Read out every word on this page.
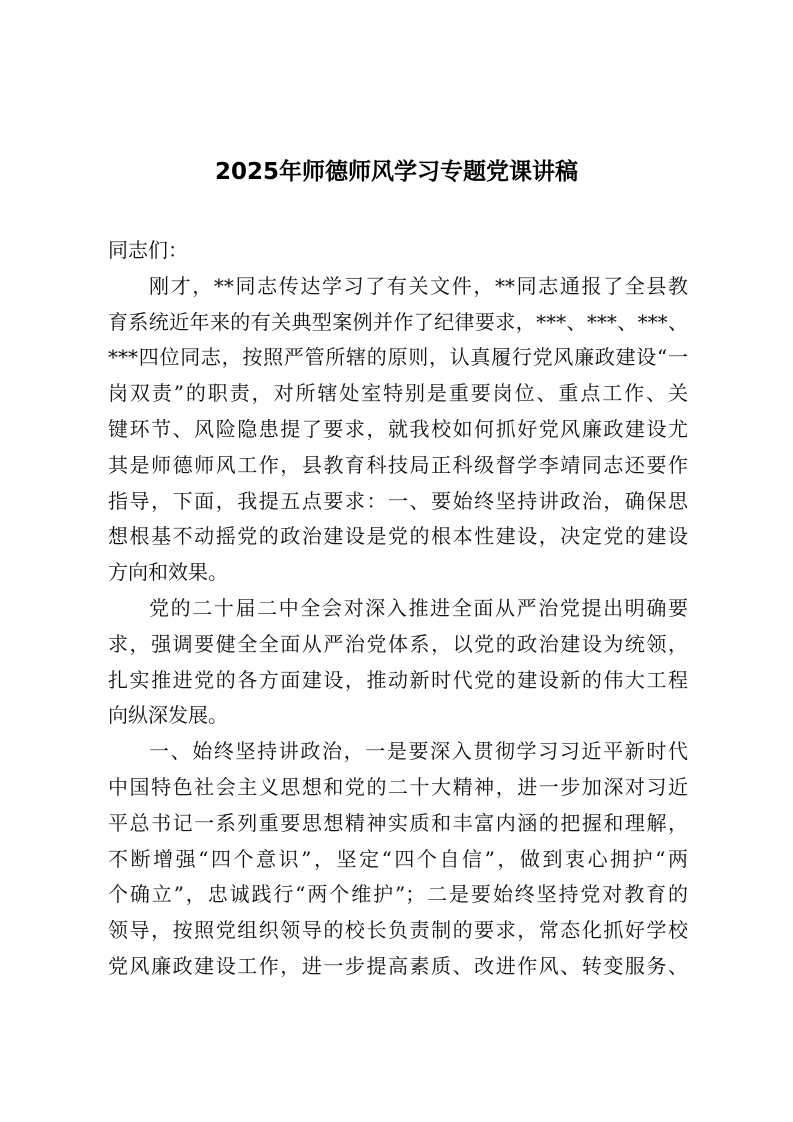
2025年师德师风学习专题党课讲稿
同志们：
刚才，**同志传达学习了有关文件，**同志通报了全县教
育系统近年来的有关典型案例并作了纪律要求，***、***、***、
***四位同志，按照严管所辖的原则，认真履行党风廉政建设“一
岗双责”的职责，对所辖处室特别是重要岗位、重点工作、关
键环节、风险隐患提了要求，就我校如何抓好党风廉政建设尤
其是师德师风工作，县教育科技局正科级督学李靖同志还要作
指导，下面，我提五点要求：一、要始终坚持讲政治，确保思
想根基不动摇党的政治建设是党的根本性建设，决定党的建设
方向和效果。
党的二十届二中全会对深入推进全面从严治党提出明确要
求，强调要健全全面从严治党体系，以党的政治建设为统领，
扎实推进党的各方面建设，推动新时代党的建设新的伟大工程
向纵深发展。
一、始终坚持讲政治，一是要深入贯彻学习习近平新时代
中国特色社会主义思想和党的二十大精神，进一步加深对习近
平总书记一系列重要思想精神实质和丰富内涵的把握和理解，
不断增强“四个意识”，坚定“四个自信”，做到衷心拥护“两
个确立”，忠诚践行“两个维护”；二是要始终坚持党对教育的
领导，按照党组织领导的校长负责制的要求，常态化抓好学校
党风廉政建设工作，进一步提高素质、改进作风、转变服务、
